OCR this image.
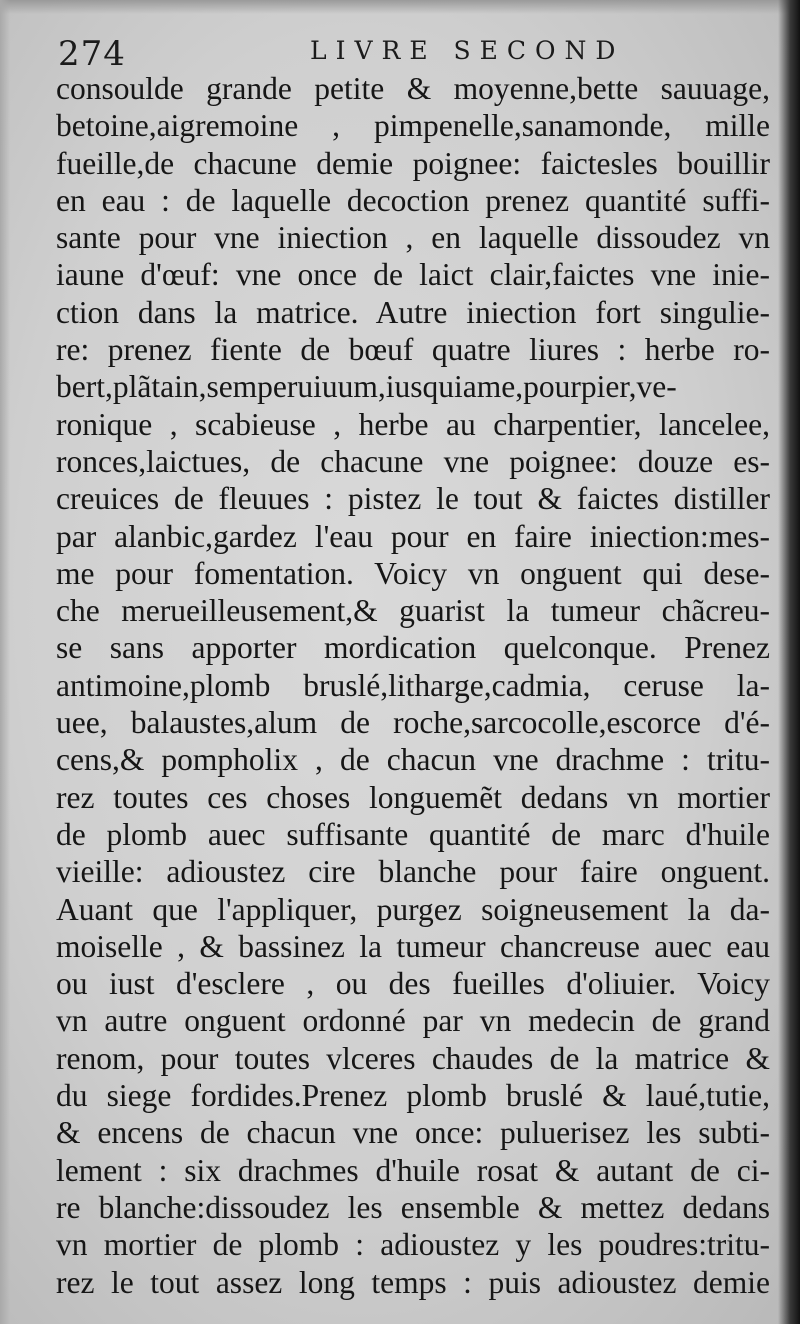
274	LIVRE SECOND
consoulde grande petite & moyenne,bette sauuage,
betoine,aigremoine , pimpenelle,sanamonde, mille
fueille,de chacune demie poignee: faictesles bouillir
en eau : de laquelle decoction prenez quantité suffi-
sante pour vne iniection , en laquelle dissoudez vn
iaune d'œuf: vne once de laict clair,faictes vne inie-
ction dans la matrice. Autre iniection fort singulie-
re: prenez fiente de bœuf quatre liures : herbe ro-
bert,plãtain,semperuiuum,iusquiame,pourpier,ve-
ronique , scabieuse , herbe au charpentier, lancelee,
ronces,laictues, de chacune vne poignee: douze es-
creuices de fleuues : pistez le tout & faictes distiller
par alanbic,gardez l'eau pour en faire iniection:mes-
me pour fomentation. Voicy vn onguent qui dese-
che merueilleusement,& guarist la tumeur chãcreu-
se sans apporter mordication quelconque. Prenez
antimoine,plomb bruslé,litharge,cadmia, ceruse la-
uee, balaustes,alum de roche,sarcocolle,escorce d'é-
cens,& pompholix , de chacun vne drachme : tritu-
rez toutes ces choses longuemẽt dedans vn mortier
de plomb auec suffisante quantité de marc d'huile
vieille: adioustez cire blanche pour faire onguent.
Auant que l'appliquer, purgez soigneusement la da-
moiselle , & bassinez la tumeur chancreuse auec eau
ou iust d'esclere , ou des fueilles d'oliuier. Voicy
vn autre onguent ordonné par vn medecin de grand
renom, pour toutes vlceres chaudes de la matrice &
du siege fordides.Prenez plomb bruslé & laué,tutie,
& encens de chacun vne once: puluerisez les subti-
lement : six drachmes d'huile rosat & autant de ci-
re blanche:dissoudez les ensemble & mettez dedans
vn mortier de plomb : adioustez y les poudres:tritu-
rez le tout assez long temps : puis adioustez demie
